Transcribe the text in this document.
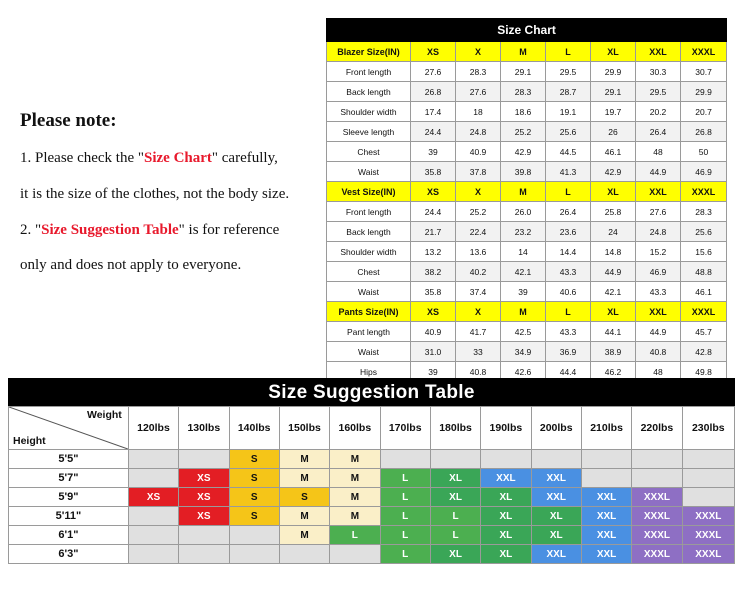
Please note:
1. Please check the "Size Chart" carefully,
it is the size of the clothes, not the body size.
2. "Size Suggestion Table" is for reference
only and does not apply to everyone.
Size Chart							
Blazer Size(IN)	XS	X	M	L	XL	XXL	XXXL
Front length	27.6	28.3	29.1	29.5	29.9	30.3	30.7
Back length	26.8	27.6	28.3	28.7	29.1	29.5	29.9
Shoulder width	17.4	18	18.6	19.1	19.7	20.2	20.7
Sleeve length	24.4	24.8	25.2	25.6	26	26.4	26.8
Chest	39	40.9	42.9	44.5	46.1	48	50
Waist	35.8	37.8	39.8	41.3	42.9	44.9	46.9
Vest Size(IN)	XS	X	M	L	XL	XXL	XXXL
Front length	24.4	25.2	26.0	26.4	25.8	27.6	28.3
Back length	21.7	22.4	23.2	23.6	24	24.8	25.6
Shoulder width	13.2	13.6	14	14.4	14.8	15.2	15.6
Chest	38.2	40.2	42.1	43.3	44.9	46.9	48.8
Waist	35.8	37.4	39	40.6	42.1	43.3	46.1
Pants Size(IN)	XS	X	M	L	XL	XXL	XXXL
Pant length	40.9	41.7	42.5	43.3	44.1	44.9	45.7
Waist	31.0	33	34.9	36.9	38.9	40.8	42.8
Hips	39	40.8	42.6	44.4	46.2	48	49.8
Size Suggestion Table
Weight
Height	120lbs	130lbs	140lbs	150lbs	160lbs	170lbs	180lbs	190lbs	200lbs	210lbs	220lbs	230lbs
5'5"			S	M	M							
5'7"		XS	S	M	M	L	XL	XXL	XXL			
5'9"	XS	XS	S	S	M	L	XL	XL	XXL	XXL	XXXL	
5'11"		XS	S	M	M	L	L	XL	XL	XXL	XXXL	XXXL
6'1"				M	L	L	L	XL	XL	XXL	XXXL	XXXL
6'3"						L	XL	XL	XXL	XXL	XXXL	XXXL
